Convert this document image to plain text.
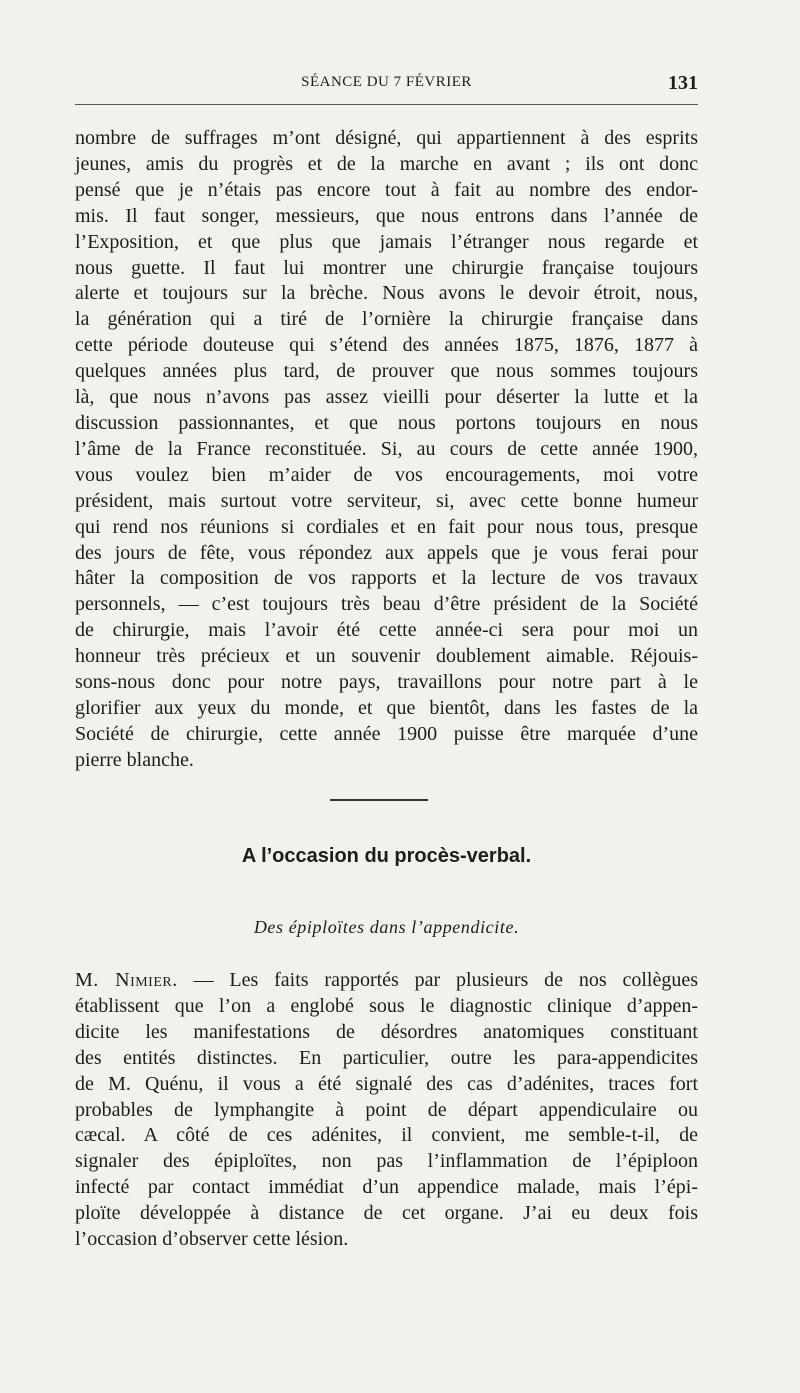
SÉANCE DU 7 FÉVRIER	131
nombre de suffrages m’ont désigné, qui appartiennent à des esprits
jeunes, amis du progrès et de la marche en avant ; ils ont donc
pensé que je n’étais pas encore tout à fait au nombre des endor-
mis. Il faut songer, messieurs, que nous entrons dans l’année de
l’Exposition, et que plus que jamais l’étranger nous regarde et
nous guette. Il faut lui montrer une chirurgie française toujours
alerte et toujours sur la brèche. Nous avons le devoir étroit, nous,
la génération qui a tiré de l’ornière la chirurgie française dans
cette période douteuse qui s’étend des années 1875, 1876, 1877 à
quelques années plus tard, de prouver que nous sommes toujours
là, que nous n’avons pas assez vieilli pour déserter la lutte et la
discussion passionnantes, et que nous portons toujours en nous
l’âme de la France reconstituée. Si, au cours de cette année 1900,
vous voulez bien m’aider de vos encouragements, moi votre
président, mais surtout votre serviteur, si, avec cette bonne humeur
qui rend nos réunions si cordiales et en fait pour nous tous, presque
des jours de fête, vous répondez aux appels que je vous ferai pour
hâter la composition de vos rapports et la lecture de vos travaux
personnels, — c’est toujours très beau d’être président de la Société
de chirurgie, mais l’avoir été cette année-ci sera pour moi un
honneur très précieux et un souvenir doublement aimable. Réjouis-
sons-nous donc pour notre pays, travaillons pour notre part à le
glorifier aux yeux du monde, et que bientôt, dans les fastes de la
Société de chirurgie, cette année 1900 puisse être marquée d’une
pierre blanche.
A l’occasion du procès-verbal.

Des épiploïtes dans l’appendicite.

M. Nimier. — Les faits rapportés par plusieurs de nos collègues
établissent que l’on a englobé sous le diagnostic clinique d’appen-
dicite les manifestations de désordres anatomiques constituant
des entités distinctes. En particulier, outre les para-appendicites
de M. Quénu, il vous a été signalé des cas d’adénites, traces fort
probables de lymphangite à point de départ appendiculaire ou
cæcal. A côté de ces adénites, il convient, me semble-t-il, de
signaler des épiploïtes, non pas l’inflammation de l’épiploon
infecté par contact immédiat d’un appendice malade, mais l’épi-
ploïte développée à distance de cet organe. J’ai eu deux fois
l’occasion d’observer cette lésion.
